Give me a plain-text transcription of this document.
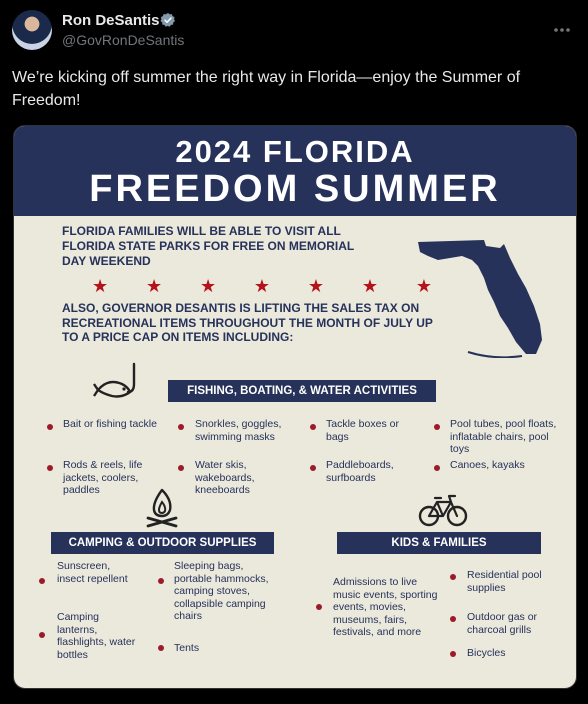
Ron DeSantis
@GovRonDeSantis
We’re kicking off summer the right way in Florida—enjoy the Summer of Freedom!
2024 FLORIDA
FREEDOM SUMMER
FLORIDA FAMILIES WILL BE ABLE TO VISIT ALL FLORIDA STATE PARKS FOR FREE ON MEMORIAL DAY WEEKEND
★ ★ ★ ★ ★ ★ ★
ALSO, GOVERNOR DESANTIS IS LIFTING THE SALES TAX ON RECREATIONAL ITEMS THROUGHOUT THE MONTH OF JULY UP TO A PRICE CAP ON ITEMS INCLUDING:
FISHING, BOATING, & WATER ACTIVITIES
Bait or fishing tackle	Snorkles, goggles, swimming masks
Tackle boxes or bags
Pool tubes, pool floats, inflatable chairs, pool toys
Rods & reels, life jackets, coolers, paddles
Water skis, wakeboards, kneeboards
Paddleboards, surfboards
Canoes, kayaks
CAMPING & OUTDOOR SUPPLIES
Sunscreen, insect repellent
Sleeping bags, portable hammocks, camping stoves, collapsible camping chairs
Camping lanterns, flashlights, water bottles
Tents
KIDS & FAMILIES
Admissions to live music events, sporting events, movies, museums, fairs, festivals, and more
Residential pool supplies
Outdoor gas or charcoal grills
Bicycles
